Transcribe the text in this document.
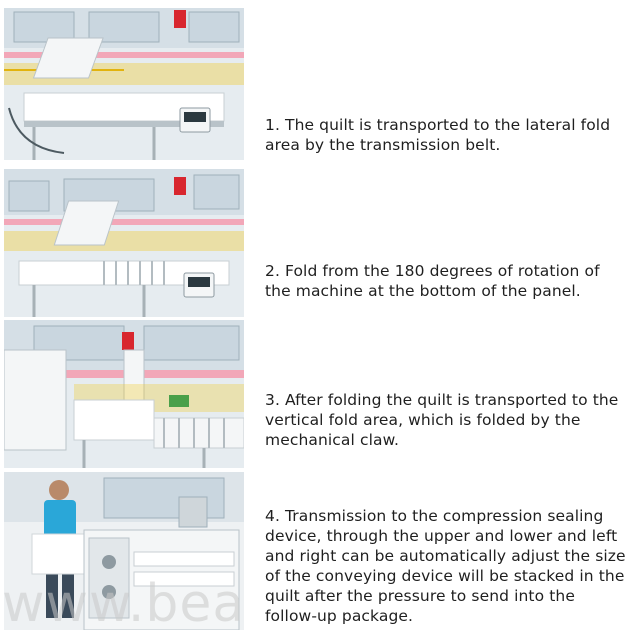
1. The quilt is transported to the lateral fold area by the transmission belt.
2. Fold from the 180 degrees of rotation of the machine at the bottom of the panel.
3. After folding the quilt is transported to the vertical fold area, which is folded by the mechanical claw.
4. Transmission to the compression sealing device, through the upper and lower and left and right can be automatically adjust the size of the conveying device will be stacked in the quilt after the pressure to send into the follow-up package.
www.bea
